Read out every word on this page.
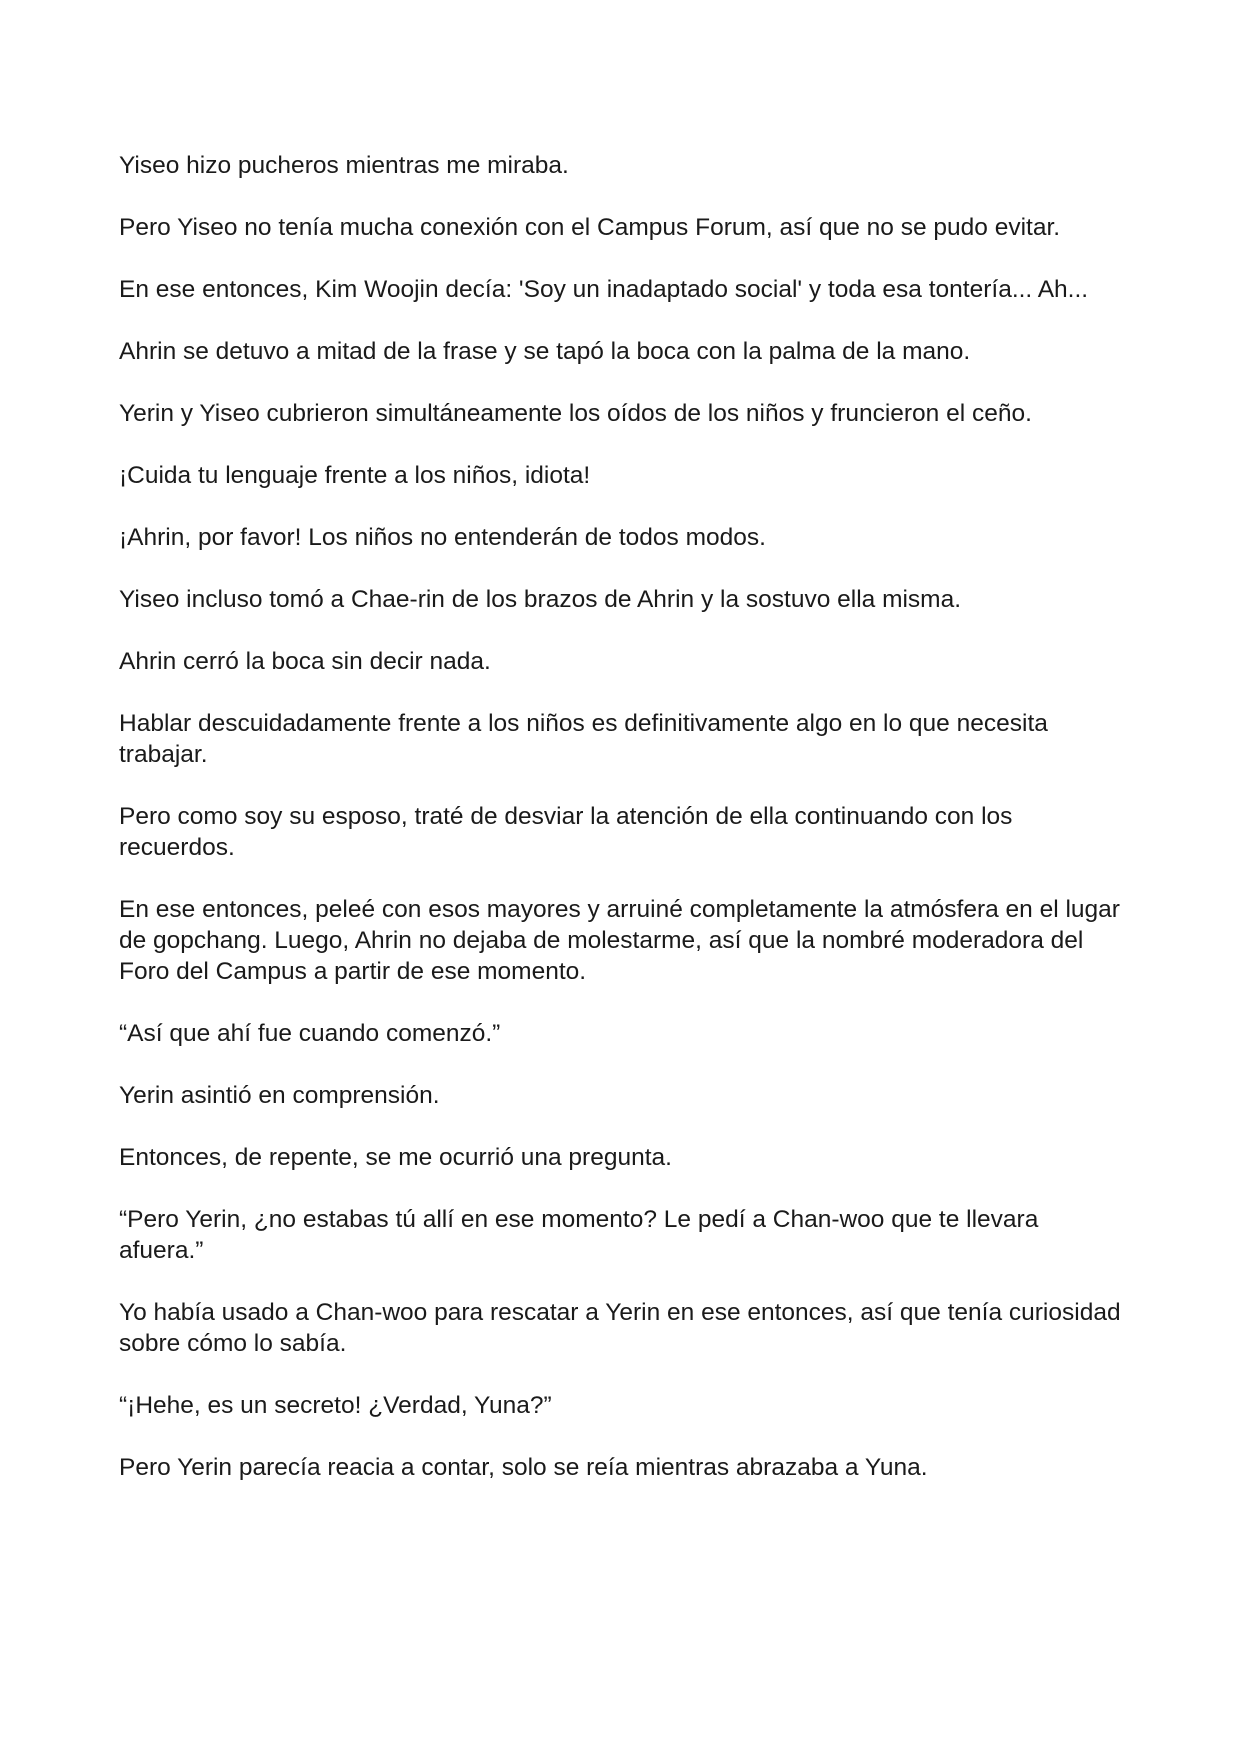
Yiseo hizo pucheros mientras me miraba.

Pero Yiseo no tenía mucha conexión con el Campus Forum, así que no se pudo evitar.

En ese entonces, Kim Woojin decía: 'Soy un inadaptado social' y toda esa tontería... Ah...

Ahrin se detuvo a mitad de la frase y se tapó la boca con la palma de la mano.

Yerin y Yiseo cubrieron simultáneamente los oídos de los niños y fruncieron el ceño.

¡Cuida tu lenguaje frente a los niños, idiota!

¡Ahrin, por favor! Los niños no entenderán de todos modos.

Yiseo incluso tomó a Chae-rin de los brazos de Ahrin y la sostuvo ella misma.

Ahrin cerró la boca sin decir nada.

Hablar descuidadamente frente a los niños es definitivamente algo en lo que necesita trabajar.

Pero como soy su esposo, traté de desviar la atención de ella continuando con los recuerdos.

En ese entonces, peleé con esos mayores y arruiné completamente la atmósfera en el lugar de gopchang. Luego, Ahrin no dejaba de molestarme, así que la nombré moderadora del Foro del Campus a partir de ese momento.

“Así que ahí fue cuando comenzó.”

Yerin asintió en comprensión.

Entonces, de repente, se me ocurrió una pregunta.

“Pero Yerin, ¿no estabas tú allí en ese momento? Le pedí a Chan-woo que te llevara afuera.”

Yo había usado a Chan-woo para rescatar a Yerin en ese entonces, así que tenía curiosidad sobre cómo lo sabía.

“¡Hehe, es un secreto! ¿Verdad, Yuna?”

Pero Yerin parecía reacia a contar, solo se reía mientras abrazaba a Yuna.
